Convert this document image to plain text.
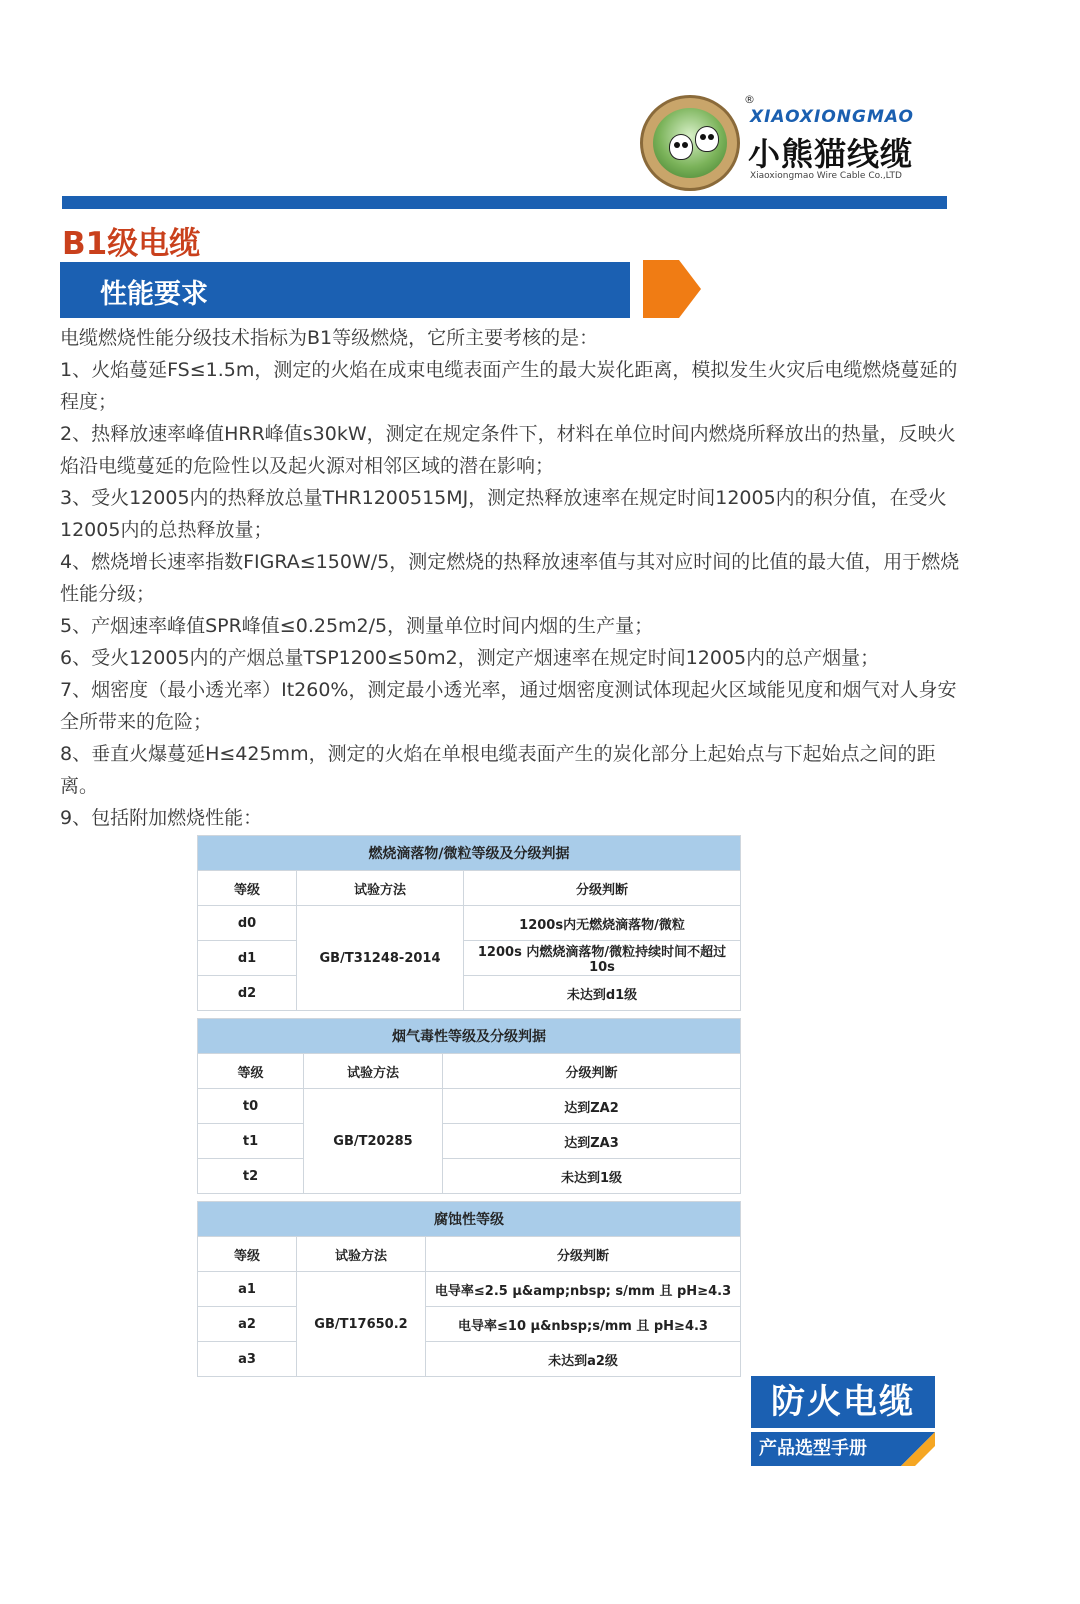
®
XIAOXIONGMAO
小熊猫线缆
Xiaoxiongmao Wire Cable Co.,LTD
B1级电缆
性能要求

电缆燃烧性能分级技术指标为B1等级燃烧，它所主要考核的是：

1、火焰蔓延FS≤1.5m，测定的火焰在成束电缆表面产生的最大炭化距离，模拟发生火灾后电缆燃烧蔓延的程度；

2、热释放速率峰值HRR峰值s30kW，测定在规定条件下，材料在单位时间内燃烧所释放出的热量，反映火焰沿电缆蔓延的危险性以及起火源对相邻区域的潜在影响；

3、受火12005内的热释放总量THR1200515MJ，测定热释放速率在规定时间12005内的积分值，在受火12005内的总热释放量；

4、燃烧增长速率指数FIGRA≤150W/5，测定燃烧的热释放速率值与其对应时间的比值的最大值，用于燃烧性能分级；

5、产烟速率峰值SPR峰值≤0.25m2/5，测量单位时间内烟的生产量；

6、受火12005内的产烟总量TSP1200≤50m2，测定产烟速率在规定时间12005内的总产烟量；

7、烟密度（最小透光率）It260%，测定最小透光率，通过烟密度测试体现起火区域能见度和烟气对人身安全所带来的危险；

8、垂直火爆蔓延H≤425mm，测定的火焰在单根电缆表面产生的炭化部分上起始点与下起始点之间的距离。

9、包括附加燃烧性能：

燃烧滴落物/微粒等级及分级判据		
等级	试验方法	分级判断
d0	GB/T31248-2014	1200s内无燃烧滴落物/微粒
d1		1200s 内燃烧滴落物/微粒持续时间不超过10s
d2		未达到d1级
烟气毒性等级及分级判据		
等级	试验方法	分级判断
t0	GB/T20285	达到ZA2
t1		达到ZA3
t2		未达到1级
腐蚀性等级		
等级	试验方法	分级判断
a1	GB/T17650.2	电导率≤2.5 μ&amp;nbsp; s/mm 且 pH≥4.3
a2		电导率≤10 μ&nbsp;s/mm 且 pH≥4.3
a3		未达到a2级
防火电缆
产品选型手册
